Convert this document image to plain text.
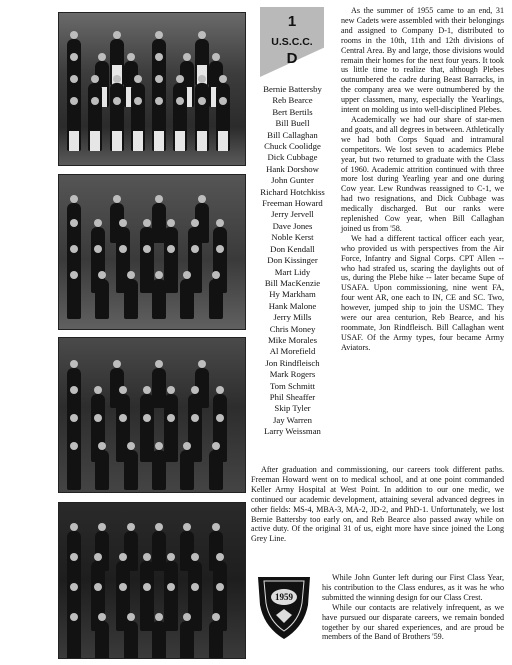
1
U.S.C.C.
D
Bernie Battersby
Reb Bearce
Bert Bertils
Bill Buell
Bill Callaghan
Chuck Coolidge
Dick Cubbage
Hank Dorshow
John Gunter
Richard Hotchkiss
Freeman Howard
Jerry Jervell
Dave Jones
Noble Kerst
Don Kendall
Don Kissinger
Mart Lidy
Bill MacKenzie
Hy Markham
Hank Malone
Jerry Mills
Chris Money
Mike Morales
Al Morefield
Jon Rindfleisch
Mark Rogers
Tom Schmitt
Phil Sheaffer
Skip Tyler
Jay Warren
Larry Weissman

As the summer of 1955 came to an end, 31 new Cadets were assembled with their belongings and assigned to Company D-1, distributed to rooms in the 10th, 11th and 12th divisions of Central Area. By and large, those divisions would remain their homes for the next four years. It took us little time to realize that, although Plebes outnumbered the cadre during Beast Barracks, in the company area we were outnumbered by the upper classmen, many, especially the Yearlings, intent on molding us into well-disciplined Plebes.

Academically we had our share of star-men and goats, and all degrees in between. Athletically we had both Corps Squad and intramural competitors. We lost seven to academics Plebe year, but two returned to graduate with the Class of 1960. Academic attrition continued with three more lost during Yearling year and one during Cow year. Lew Rundwas reassigned to C-1, we had two resignations, and Dick Cubbage was medically discharged. But our ranks were replenished Cow year, when Bill Callaghan joined us from '58.

We had a different tactical officer each year, who provided us with perspectives from the Air Force, Infantry and Signal Corps. CPT Allen -- who had strafed us, scaring the daylights out of us, during the Plebe hike -- later became Supe of USAFA. Upon commissioning, nine went FA, four went AR, one each to IN, CE and SC. Two, however, jumped ship to join the USMC. They were our area centurion, Reb Bearce, and his roommate, Jon Rindfleisch. Bill Callaghan went USAF. Of the Army types, four became Army Aviators.

After graduation and commissioning, our careers took different paths. Freeman Howard went on to medical school, and at one point commanded Keller Army Hospital at West Point. In addition to our one medic, we continued our academic development, attaining several advanced degrees in other fields: MS-4, MBA-3, MA-2, JD-2, and PhD-1. Unfortunately, we lost Bernie Battersby too early on, and Reb Bearce also passed away while on active duty. Of the original 31 of us, eight more have since joined the Long Grey Line.

While John Gunter left during our First Class Year, his contribution to the Class endures, as it was he who submitted the winning design for our Class Crest.

While our contacts are relatively infrequent, as we have pursued our disparate careers, we remain bonded together by our shared experiences, and are proud be members of the Band of Brothers '59.

1959
